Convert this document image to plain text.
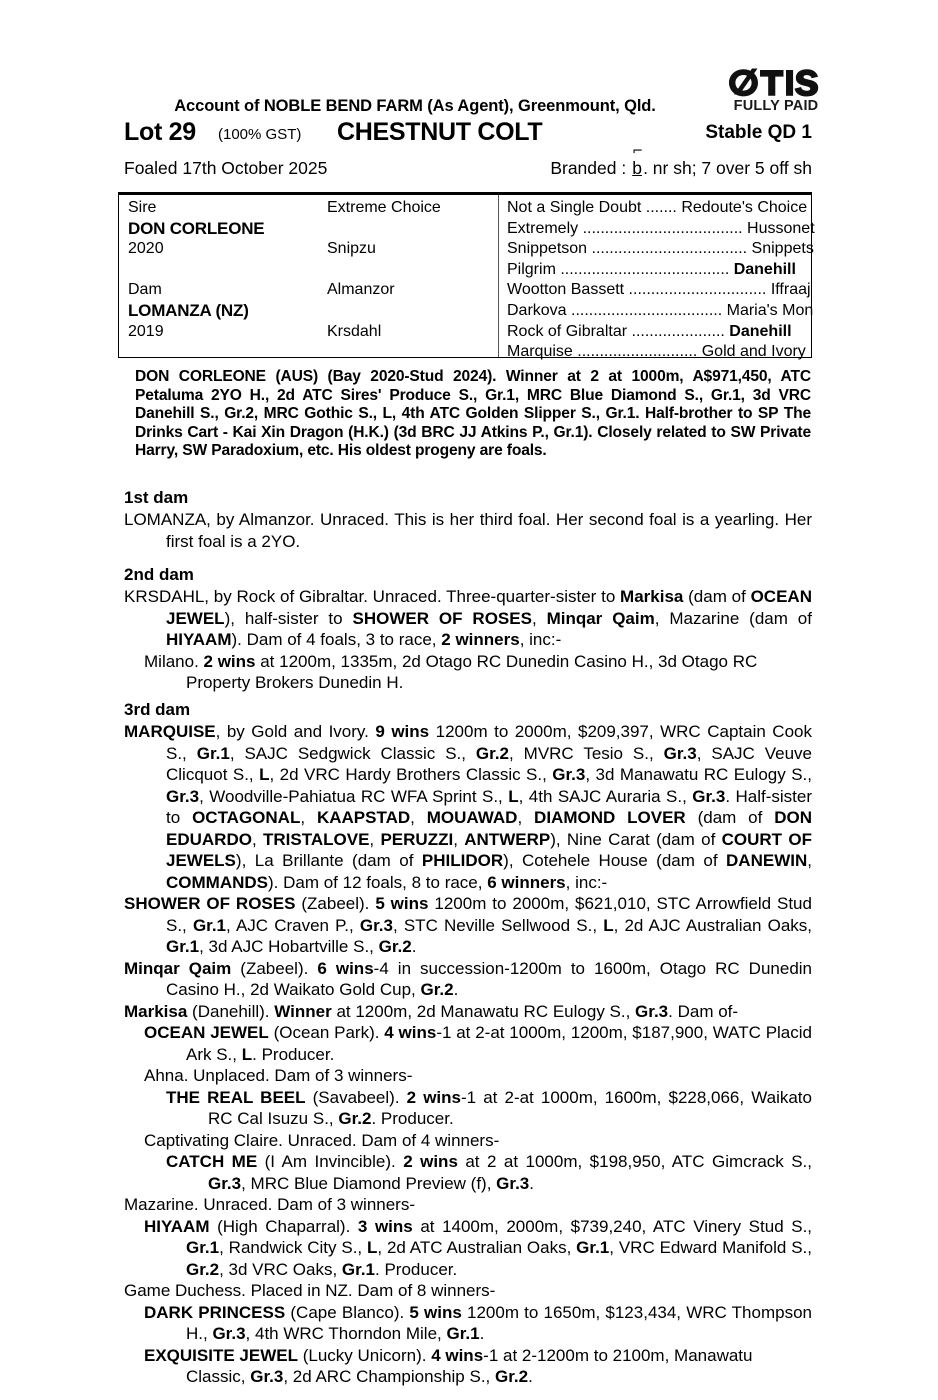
FULLY PAID
Account of NOBLE BEND FARM (As Agent), Greenmount, Qld.
Lot 29 (100% GST) CHESTNUT COLT	Stable QD 1
Foaled 17th October 2025	Branded :
⌐
b. nr sh; 7 over 5 off sh
Sire
DON CORLEONE
2020
Dam
LOMANZA (NZ)
2019
Extreme Choice
Snipzu
Almanzor
Krsdahl
Not a Single Doubt ....... Redoute's Choice
Extremely .................................... Hussonet
Snippetson ................................... Snippets
Pilgrim ...................................... Danehill
Wootton Bassett ............................... Iffraaj
Darkova .................................. Maria's Mon
Rock of Gibraltar ..................... Danehill
Marquise ........................... Gold and Ivory
DON CORLEONE (AUS) (Bay 2020-Stud 2024). Winner at 2 at 1000m, A$971,450, ATC Petaluma 2YO H., 2d ATC Sires' Produce S., Gr.1, MRC Blue Diamond S., Gr.1, 3d VRC Danehill S., Gr.2, MRC Gothic S., L, 4th ATC Golden Slipper S., Gr.1. Half-brother to SP The Drinks Cart - Kai Xin Dragon (H.K.) (3d BRC JJ Atkins P., Gr.1). Closely related to SW Private Harry, SW Paradoxium, etc. His oldest progeny are foals.
1st dam
LOMANZA, by Almanzor. Unraced. This is her third foal. Her second foal is a yearling. Her first foal is a 2YO.
2nd dam
KRSDAHL, by Rock of Gibraltar. Unraced. Three-quarter-sister to Markisa (dam of OCEAN JEWEL), half-sister to SHOWER OF ROSES, Minqar Qaim, Mazarine (dam of HIYAAM). Dam of 4 foals, 3 to race, 2 winners, inc:-
Milano. 2 wins at 1200m, 1335m, 2d Otago RC Dunedin Casino H., 3d Otago RC Property Brokers Dunedin H.
3rd dam
MARQUISE, by Gold and Ivory. 9 wins 1200m to 2000m, $209,397, WRC Captain Cook S., Gr.1, SAJC Sedgwick Classic S., Gr.2, MVRC Tesio S., Gr.3, SAJC Veuve Clicquot S., L, 2d VRC Hardy Brothers Classic S., Gr.3, 3d Manawatu RC Eulogy S., Gr.3, Woodville-Pahiatua RC WFA Sprint S., L, 4th SAJC Auraria S., Gr.3. Half-sister to OCTAGONAL, KAAPSTAD, MOUAWAD, DIAMOND LOVER (dam of DON EDUARDO, TRISTALOVE, PERUZZI, ANTWERP), Nine Carat (dam of COURT OF JEWELS), La Brillante (dam of PHILIDOR), Cotehele House (dam of DANEWIN, COMMANDS). Dam of 12 foals, 8 to race, 6 winners, inc:-
SHOWER OF ROSES (Zabeel). 5 wins 1200m to 2000m, $621,010, STC Arrowfield Stud S., Gr.1, AJC Craven P., Gr.3, STC Neville Sellwood S., L, 2d AJC Australian Oaks, Gr.1, 3d AJC Hobartville S., Gr.2.
Minqar Qaim (Zabeel). 6 wins-4 in succession-1200m to 1600m, Otago RC Dunedin Casino H., 2d Waikato Gold Cup, Gr.2.
Markisa (Danehill). Winner at 1200m, 2d Manawatu RC Eulogy S., Gr.3. Dam of-
OCEAN JEWEL (Ocean Park). 4 wins-1 at 2-at 1000m, 1200m, $187,900, WATC Placid Ark S., L. Producer.
Ahna. Unplaced. Dam of 3 winners-
THE REAL BEEL (Savabeel). 2 wins-1 at 2-at 1000m, 1600m, $228,066, Waikato RC Cal Isuzu S., Gr.2. Producer.
Captivating Claire. Unraced. Dam of 4 winners-
CATCH ME (I Am Invincible). 2 wins at 2 at 1000m, $198,950, ATC Gimcrack S., Gr.3, MRC Blue Diamond Preview (f), Gr.3.
Mazarine. Unraced. Dam of 3 winners-
HIYAAM (High Chaparral). 3 wins at 1400m, 2000m, $739,240, ATC Vinery Stud S., Gr.1, Randwick City S., L, 2d ATC Australian Oaks, Gr.1, VRC Edward Manifold S., Gr.2, 3d VRC Oaks, Gr.1. Producer.
Game Duchess. Placed in NZ. Dam of 8 winners-
DARK PRINCESS (Cape Blanco). 5 wins 1200m to 1650m, $123,434, WRC Thompson H., Gr.3, 4th WRC Thorndon Mile, Gr.1.
EXQUISITE JEWEL (Lucky Unicorn). 4 wins-1 at 2-1200m to 2100m, Manawatu Classic, Gr.3, 2d ARC Championship S., Gr.2.
